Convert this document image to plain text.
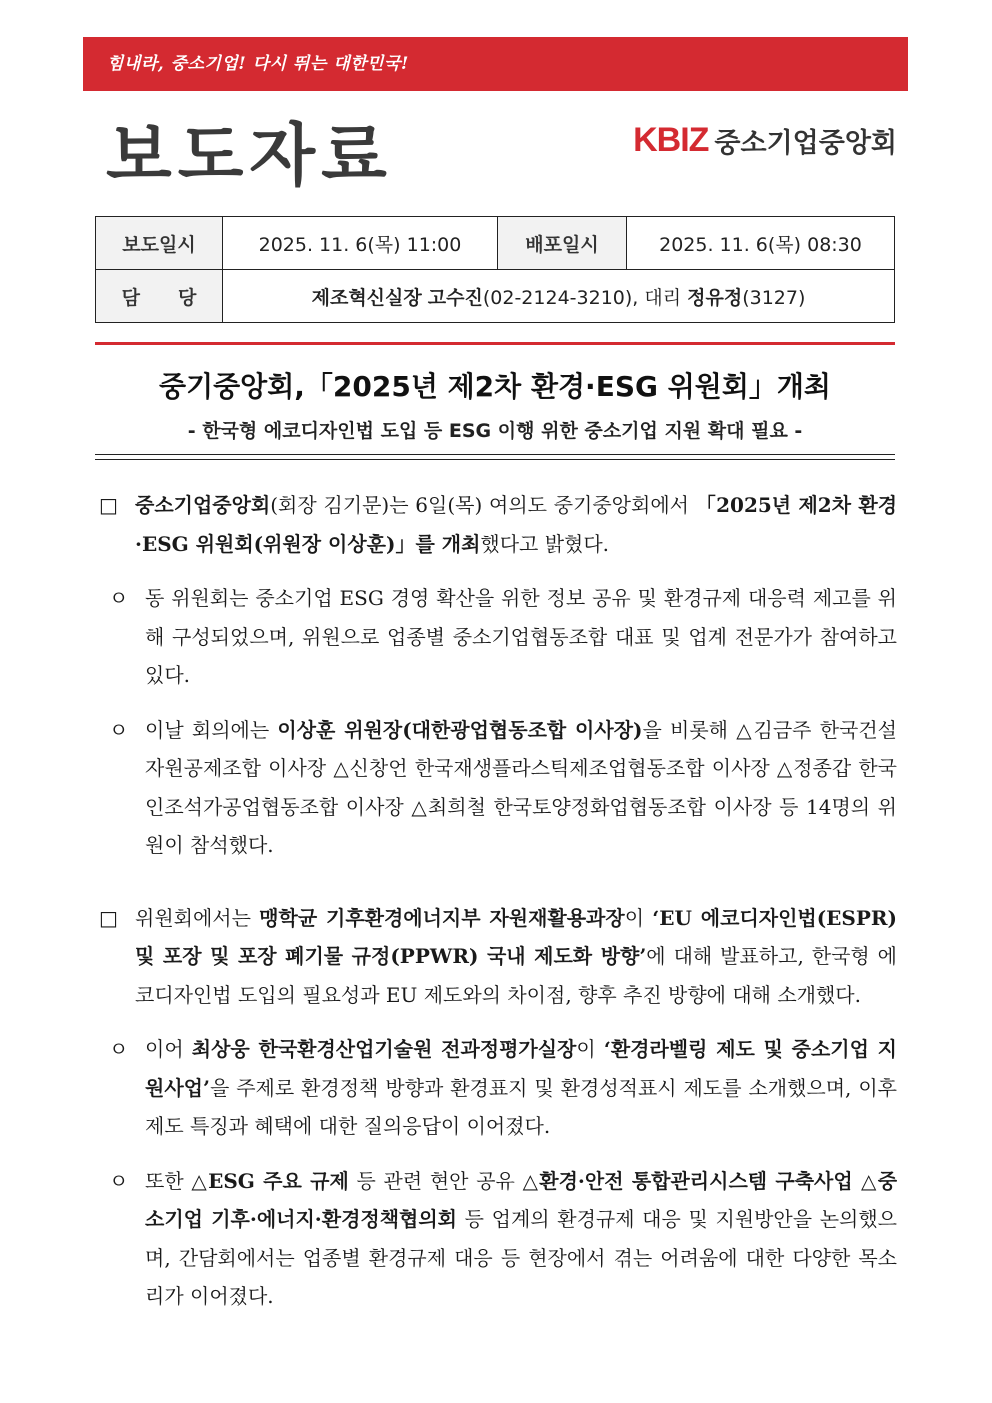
힘내라, 중소기업! 다시 뛰는 대한민국!
보도자료	KBIZ 중소기업중앙회
보도일시	2025. 11. 6(목) 11:00	배포일시	2025. 11. 6(목) 08:30
담　　당	제조혁신실장 고수진(02-2124-3210), 대리 정유정(3127)		
중기중앙회,「2025년 제2차 환경·ESG 위원회」개최
- 한국형 에코디자인법 도입 등 ESG 이행 위한 중소기업 지원 확대 필요 -
□ 중소기업중앙회(회장 김기문)는 6일(목) 여의도 중기중앙회에서 「2025년 제2차 환경·ESG 위원회(위원장 이상훈)」를 개최했다고 밝혔다.
ㅇ 동 위원회는 중소기업 ESG 경영 확산을 위한 정보 공유 및 환경규제 대응력 제고를 위해 구성되었으며, 위원으로 업종별 중소기업협동조합 대표 및 업계 전문가가 참여하고 있다.
ㅇ 이날 회의에는 이상훈 위원장(대한광업협동조합 이사장)을 비롯해 △김금주 한국건설자원공제조합 이사장 △신창언 한국재생플라스틱제조업협동조합 이사장 △정종갑 한국인조석가공업협동조합 이사장 △최희철 한국토양정화업협동조합 이사장 등 14명의 위원이 참석했다.
□ 위원회에서는 맹학균 기후환경에너지부 자원재활용과장이 ‘EU 에코디자인법(ESPR) 및 포장 및 포장 폐기물 규정(PPWR) 국내 제도화 방향’에 대해 발표하고, 한국형 에코디자인법 도입의 필요성과 EU 제도와의 차이점, 향후 추진 방향에 대해 소개했다.
ㅇ 이어 최상웅 한국환경산업기술원 전과정평가실장이 ‘환경라벨링 제도 및 중소기업 지원사업’을 주제로 환경정책 방향과 환경표지 및 환경성적표시 제도를 소개했으며, 이후 제도 특징과 혜택에 대한 질의응답이 이어졌다.
ㅇ 또한 △ESG 주요 규제 등 관련 현안 공유 △환경·안전 통합관리시스템 구축사업 △중소기업 기후·에너지·환경정책협의회 등 업계의 환경규제 대응 및 지원방안을 논의했으며, 간담회에서는 업종별 환경규제 대응 등 현장에서 겪는 어려움에 대한 다양한 목소리가 이어졌다.
